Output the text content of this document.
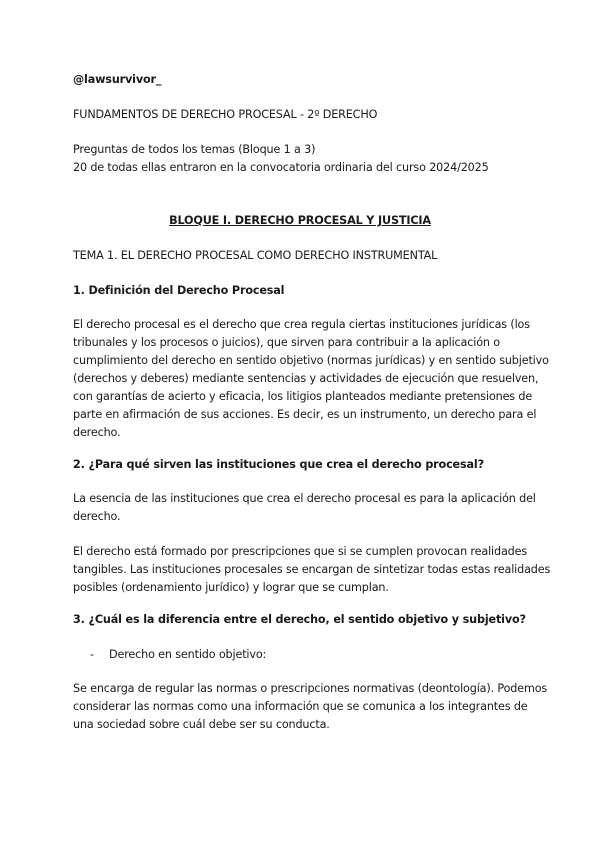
@lawsurvivor_
FUNDAMENTOS DE DERECHO PROCESAL - 2º DERECHO
Preguntas de todos los temas (Bloque 1 a 3)
20 de todas ellas entraron en la convocatoria ordinaria del curso 2024/2025
BLOQUE I. DERECHO PROCESAL Y JUSTICIA
TEMA 1. EL DERECHO PROCESAL COMO DERECHO INSTRUMENTAL
1. Definición del Derecho Procesal
El derecho procesal es el derecho que crea regula ciertas instituciones jurídicas (los
tribunales y los procesos o juicios), que sirven para contribuir a la aplicación o
cumplimiento del derecho en sentido objetivo (normas jurídicas) y en sentido subjetivo
(derechos y deberes) mediante sentencias y actividades de ejecución que resuelven,
con garantías de acierto y eficacia, los litigios planteados mediante pretensiones de
parte en afirmación de sus acciones. Es decir, es un instrumento, un derecho para el
derecho.
2. ¿Para qué sirven las instituciones que crea el derecho procesal?
La esencia de las instituciones que crea el derecho procesal es para la aplicación del
derecho.
El derecho está formado por prescripciones que si se cumplen provocan realidades
tangibles. Las instituciones procesales se encargan de sintetizar todas estas realidades
posibles (ordenamiento jurídico) y lograr que se cumplan.
3. ¿Cuál es la diferencia entre el derecho, el sentido objetivo y subjetivo?
- Derecho en sentido objetivo:
Se encarga de regular las normas o prescripciones normativas (deontología). Podemos
considerar las normas como una información que se comunica a los integrantes de
una sociedad sobre cuál debe ser su conducta.
